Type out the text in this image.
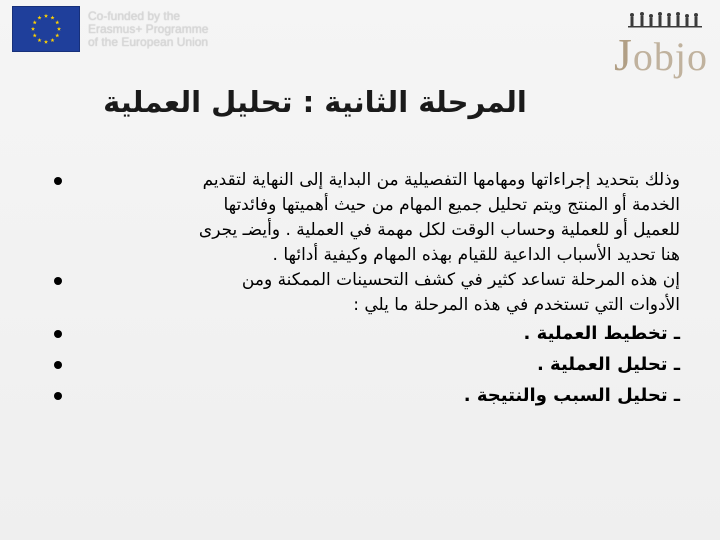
Co-funded by the
Erasmus+ Programme
of the European Union	Jobjo
المرحلة الثانية : تحليل العملية
وذلك بتحديد إجراءاتها ومهامها التفصيلية من البداية إلى النهاية لتقديم
الخدمة أو المنتج ويتم تحليل جميع المهام من حيث أهميتها وفائدتها
للعميل أو للعملية وحساب الوقت لكل مهمة في العملية . وأيضـ يجرى
هنا تحديد الأسباب الداعية للقيام بهذه المهام وكيفية أدائها .
إن هذه المرحلة تساعد كثير في كشف التحسينات الممكنة ومن
الأدوات التي تستخدم في هذه المرحلة ما يلي :
ـ تخطيط العملية .
ـ تحليل العملية .
ـ تحليل السبب والنتيجة .
